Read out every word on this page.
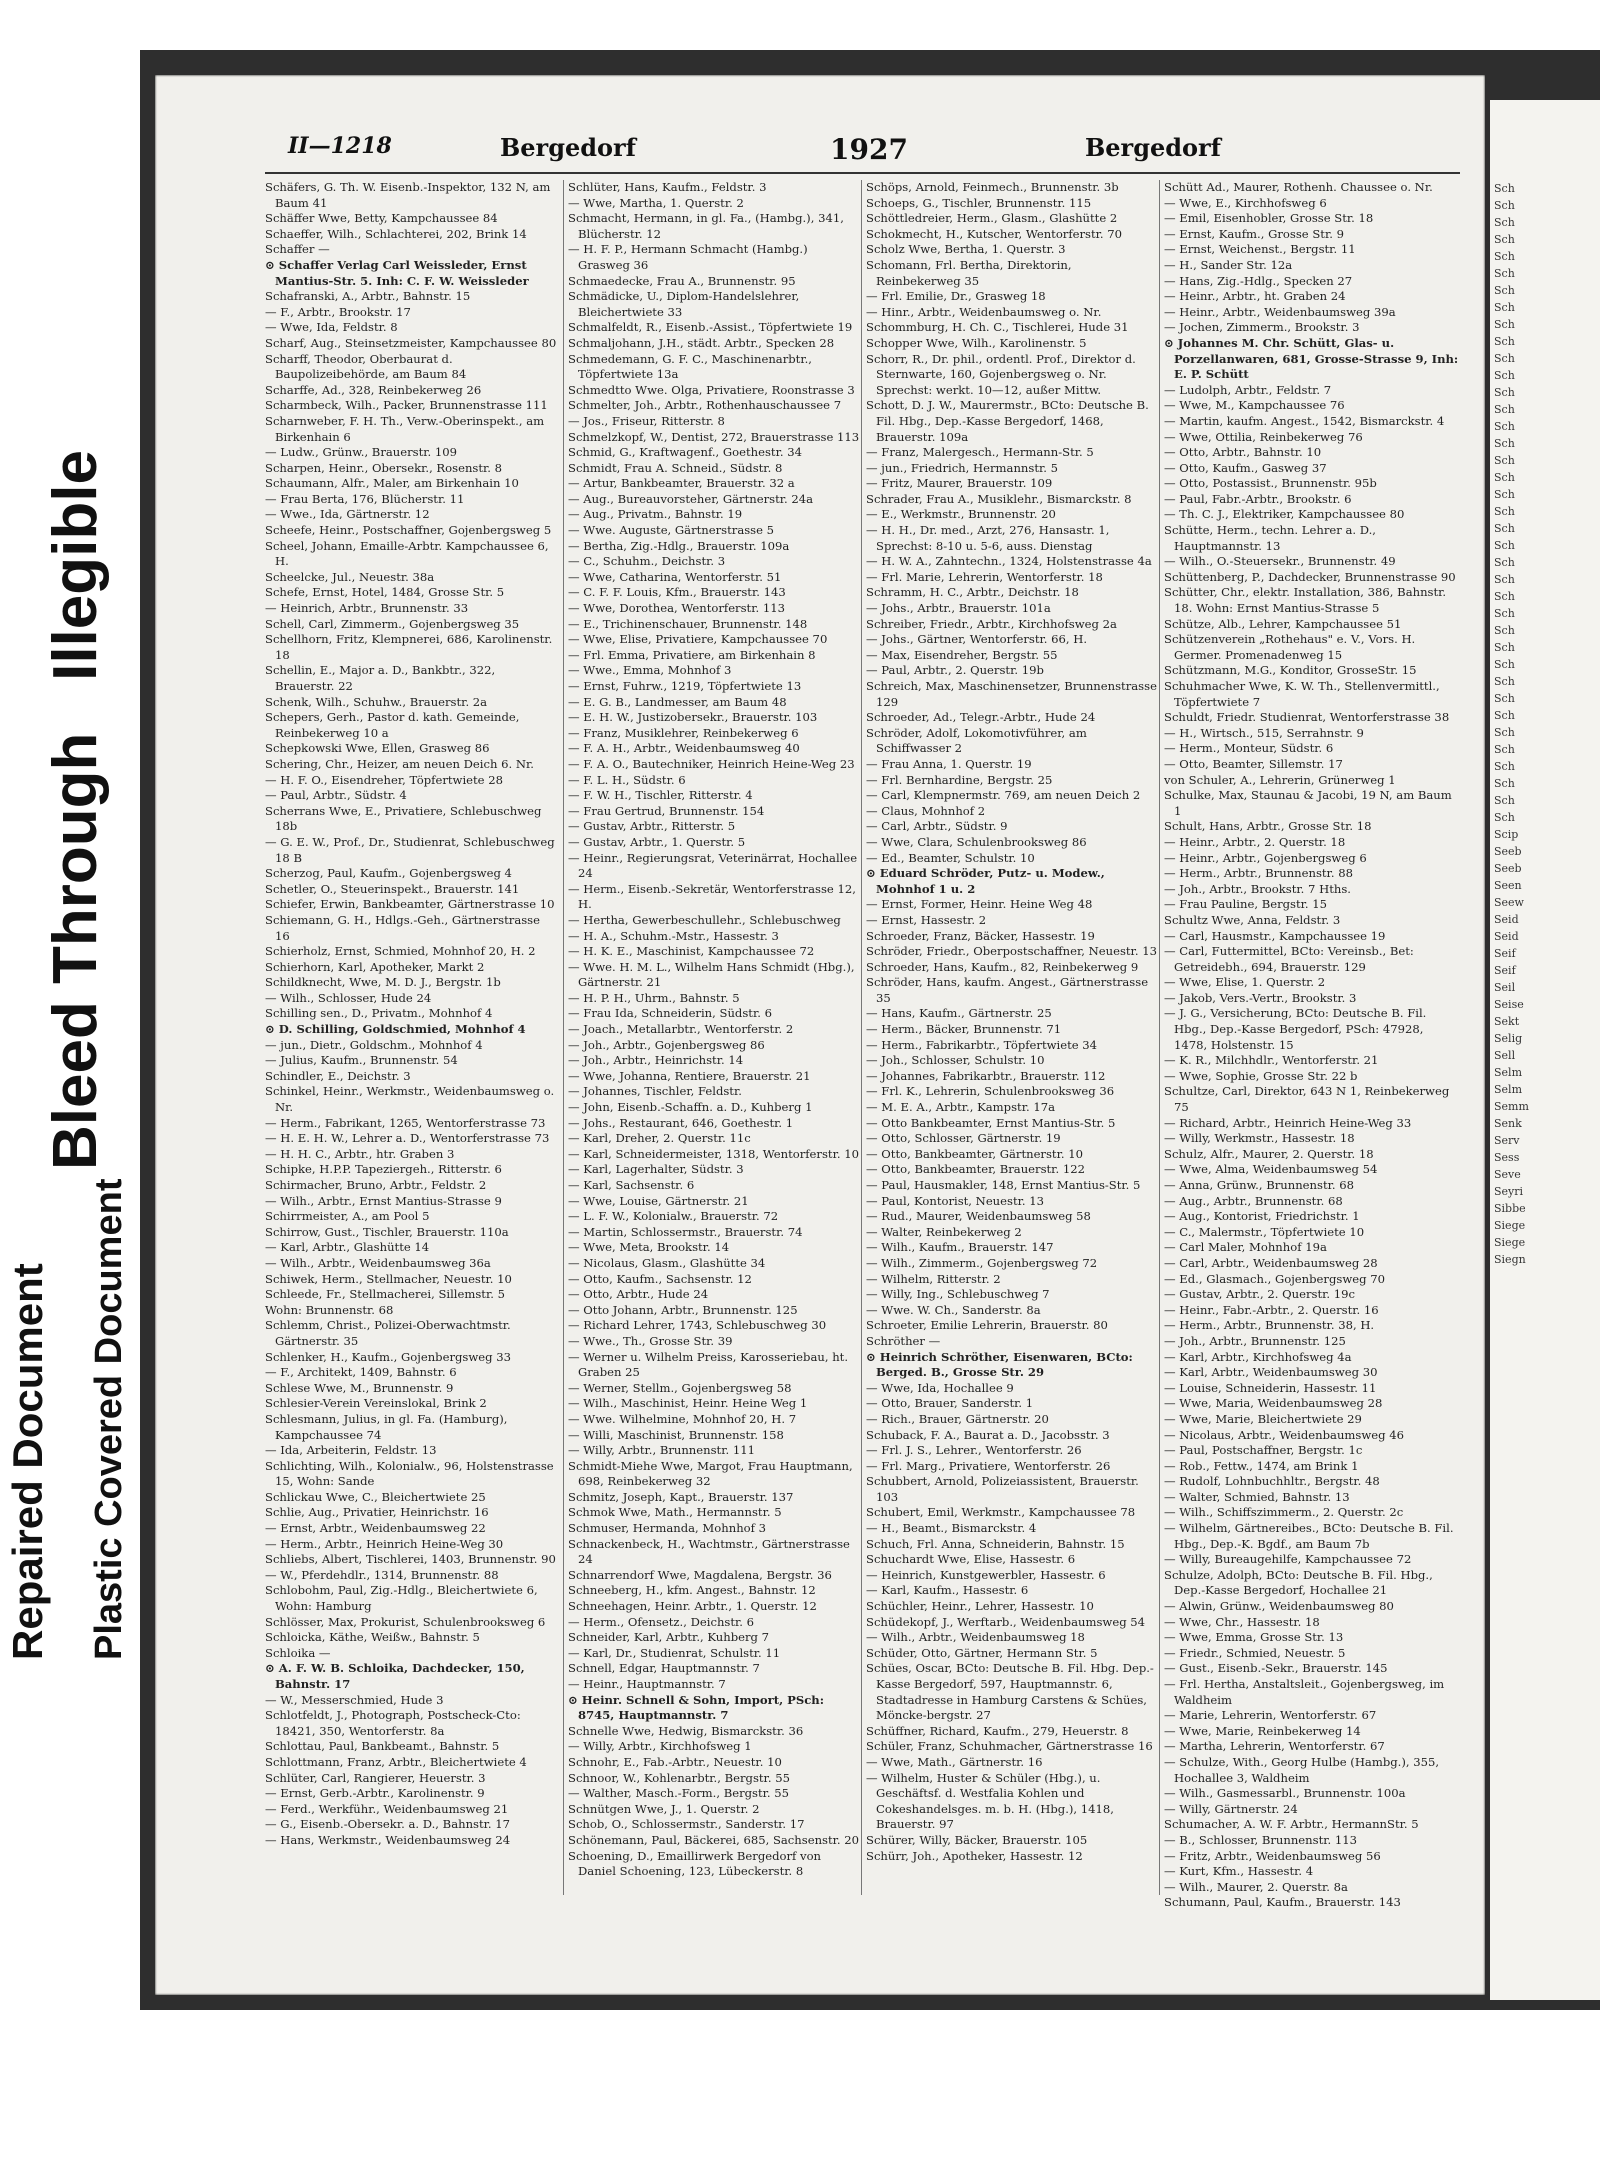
Bleed Through   Illegible
Repaired Document Plastic Covered Document
Sch
Sch
Sch
Sch
Sch
Sch
Sch
Sch
Sch
Sch
Sch
Sch
Sch
Sch
Sch
Sch
Sch
Sch
Sch
Sch
Sch
Sch
Sch
Sch
Sch
Sch
Sch
Sch
Sch
Sch
Sch
Sch
Sch
Sch
Sch
Sch
Sch
Sch
Scip
Seeb
Seeb
Seen
Seew
Seid
Seid
Seif
Seif
Seil
Seise
Sekt
Selig
Sell
Selm
Selm
Semm
Senk
Serv
Sess
Seve
Seyri
Sibbe
Siege
Siege
Siegn
II—1218	Bergedorf	1927	Bergedorf

Schäfers, G. Th. W. Eisenb.-Inspektor, 132 N, am Baum 41

Schäffer Wwe, Betty, Kampchaussee 84

Schaeffer, Wilh., Schlachterei, 202, Brink 14

Schaffer —

⊙ Schaffer Verlag Carl Weissleder, Ernst Mantius-Str. 5. Inh: C. F. W. Weissleder

Schafranski, A., Arbtr., Bahnstr. 15

— F., Arbtr., Brookstr. 17

— Wwe, Ida, Feldstr. 8

Scharf, Aug., Steinsetzmeister, Kampchaussee 80

Scharff, Theodor, Oberbaurat d. Baupolizeibehörde, am Baum 84

Scharffe, Ad., 328, Reinbekerweg 26

Scharmbeck, Wilh., Packer, Brunnenstrasse 111

Scharnweber, F. H. Th., Verw.-Oberinspekt., am Birkenhain 6

— Ludw., Grünw., Brauerstr. 109

Scharpen, Heinr., Obersekr., Rosenstr. 8

Schaumann, Alfr., Maler, am Birkenhain 10

— Frau Berta, 176, Blücherstr. 11

— Wwe., Ida, Gärtnerstr. 12

Scheefe, Heinr., Postschaffner, Gojenbergsweg 5

Scheel, Johann, Emaille-Arbtr. Kampchaussee 6, H.

Scheelcke, Jul., Neuestr. 38a

Schefe, Ernst, Hotel, 1484, Grosse Str. 5

— Heinrich, Arbtr., Brunnenstr. 33

Schell, Carl, Zimmerm., Gojenbergsweg 35

Schellhorn, Fritz, Klempnerei, 686, Karolinenstr. 18

Schellin, E., Major a. D., Bankbtr., 322, Brauerstr. 22

Schenk, Wilh., Schuhw., Brauerstr. 2a

Schepers, Gerh., Pastor d. kath. Gemeinde, Reinbekerweg 10 a

Schepkowski Wwe, Ellen, Grasweg 86

Schering, Chr., Heizer, am neuen Deich 6. Nr.

— H. F. O., Eisendreher, Töpfertwiete 28

— Paul, Arbtr., Südstr. 4

Scherrans Wwe, E., Privatiere, Schlebuschweg 18b

— G. E. W., Prof., Dr., Studienrat, Schlebuschweg 18 B

Scherzog, Paul, Kaufm., Gojenbergsweg 4

Schetler, O., Steuerinspekt., Brauerstr. 141

Schiefer, Erwin, Bankbeamter, Gärtnerstrasse 10

Schiemann, G. H., Hdlgs.-Geh., Gärtnerstrasse 16

Schierholz, Ernst, Schmied, Mohnhof 20, H. 2

Schierhorn, Karl, Apotheker, Markt 2

Schildknecht, Wwe, M. D. J., Bergstr. 1b

— Wilh., Schlosser, Hude 24

Schilling sen., D., Privatm., Mohnhof 4

⊙ D. Schilling, Goldschmied, Mohnhof 4

— jun., Dietr., Goldschm., Mohnhof 4

— Julius, Kaufm., Brunnenstr. 54

Schindler, E., Deichstr. 3

Schinkel, Heinr., Werkmstr., Weidenbaumsweg o. Nr.

— Herm., Fabrikant, 1265, Wentorferstrasse 73

— H. E. H. W., Lehrer a. D., Wentorferstrasse 73

— H. H. C., Arbtr., htr. Graben 3

Schipke, H.P.P. Tapeziergeh., Ritterstr. 6

Schirmacher, Bruno, Arbtr., Feldstr. 2

— Wilh., Arbtr., Ernst Mantius-Strasse 9

Schirrmeister, A., am Pool 5

Schirrow, Gust., Tischler, Brauerstr. 110a

— Karl, Arbtr., Glashütte 14

— Wilh., Arbtr., Weidenbaumsweg 36a

Schiwek, Herm., Stellmacher, Neuestr. 10

Schleede, Fr., Stellmacherei, Sillemstr. 5

Wohn: Brunnenstr. 68

Schlemm, Christ., Polizei-Oberwachtmstr. Gärtnerstr. 35

Schlenker, H., Kaufm., Gojenbergsweg 33

— F., Architekt, 1409, Bahnstr. 6

Schlese Wwe, M., Brunnenstr. 9

Schlesier-Verein Vereinslokal, Brink 2

Schlesmann, Julius, in gl. Fa. (Hamburg), Kampchaussee 74

— Ida, Arbeiterin, Feldstr. 13

Schlichting, Wilh., Kolonialw., 96, Holstenstrasse 15, Wohn: Sande

Schlickau Wwe, C., Bleichertwiete 25

Schlie, Aug., Privatier, Heinrichstr. 16

— Ernst, Arbtr., Weidenbaumsweg 22

— Herm., Arbtr., Heinrich Heine-Weg 30

Schliebs, Albert, Tischlerei, 1403, Brunnenstr. 90

— W., Pferdehdlr., 1314, Brunnenstr. 88

Schlobohm, Paul, Zig.-Hdlg., Bleichertwiete 6, Wohn: Hamburg

Schlösser, Max, Prokurist, Schulenbrooksweg 6

Schloicka, Käthe, Weißw., Bahnstr. 5

Schloika —

⊙ A. F. W. B. Schloika, Dachdecker, 150, Bahnstr. 17

— W., Messerschmied, Hude 3

Schlotfeldt, J., Photograph, Postscheck-Cto: 18421, 350, Wentorferstr. 8a

Schlottau, Paul, Bankbeamt., Bahnstr. 5

Schlottmann, Franz, Arbtr., Bleichertwiete 4

Schlüter, Carl, Rangierer, Heuerstr. 3

— Ernst, Gerb.-Arbtr., Karolinenstr. 9

— Ferd., Werkführ., Weidenbaumsweg 21

— G., Eisenb.-Obersekr. a. D., Bahnstr. 17

— Hans, Werkmstr., Weidenbaumsweg 24

Schlüter, Hans, Kaufm., Feldstr. 3

— Wwe, Martha, 1. Querstr. 2

Schmacht, Hermann, in gl. Fa., (Hambg.), 341, Blücherstr. 12

— H. F. P., Hermann Schmacht (Hambg.) Grasweg 36

Schmaedecke, Frau A., Brunnenstr. 95

Schmädicke, U., Diplom-Handelslehrer, Bleichertwiete 33

Schmalfeldt, R., Eisenb.-Assist., Töpfertwiete 19

Schmaljohann, J.H., städt. Arbtr., Specken 28

Schmedemann, G. F. C., Maschinenarbtr., Töpfertwiete 13a

Schmedtto Wwe. Olga, Privatiere, Roonstrasse 3

Schmelter, Joh., Arbtr., Rothenhauschaussee 7

— Jos., Friseur, Ritterstr. 8

Schmelzkopf, W., Dentist, 272, Brauerstrasse 113

Schmid, G., Kraftwagenf., Goethestr. 34

Schmidt, Frau A. Schneid., Südstr. 8

— Artur, Bankbeamter, Brauerstr. 32 a

— Aug., Bureauvorsteher, Gärtnerstr. 24a

— Aug., Privatm., Bahnstr. 19

— Wwe. Auguste, Gärtnerstrasse 5

— Bertha, Zig.-Hdlg., Brauerstr. 109a

— C., Schuhm., Deichstr. 3

— Wwe, Catharina, Wentorferstr. 51

— C. F. F. Louis, Kfm., Brauerstr. 143

— Wwe, Dorothea, Wentorferstr. 113

— E., Trichinenschauer, Brunnenstr. 148

— Wwe, Elise, Privatiere, Kampchaussee 70

— Frl. Emma, Privatiere, am Birkenhain 8

— Wwe., Emma, Mohnhof 3

— Ernst, Fuhrw., 1219, Töpfertwiete 13

— E. G. B., Landmesser, am Baum 48

— E. H. W., Justizobersekr., Brauerstr. 103

— Franz, Musiklehrer, Reinbekerweg 6

— F. A. H., Arbtr., Weidenbaumsweg 40

— F. A. O., Bautechniker, Heinrich Heine-Weg 23

— F. L. H., Südstr. 6

— F. W. H., Tischler, Ritterstr. 4

— Frau Gertrud, Brunnenstr. 154

— Gustav, Arbtr., Ritterstr. 5

— Gustav, Arbtr., 1. Querstr. 5

— Heinr., Regierungsrat, Veterinärrat, Hochallee 24

— Herm., Eisenb.-Sekretär, Wentorferstrasse 12, H.

— Hertha, Gewerbeschullehr., Schlebuschweg

— H. A., Schuhm.-Mstr., Hassestr. 3

— H. K. E., Maschinist, Kampchaussee 72

— Wwe. H. M. L., Wilhelm Hans Schmidt (Hbg.), Gärtnerstr. 21

— H. P. H., Uhrm., Bahnstr. 5

— Frau Ida, Schneiderin, Südstr. 6

— Joach., Metallarbtr., Wentorferstr. 2

— Joh., Arbtr., Gojenbergsweg 86

— Joh., Arbtr., Heinrichstr. 14

— Wwe, Johanna, Rentiere, Brauerstr. 21

— Johannes, Tischler, Feldstr.

— John, Eisenb.-Schaffn. a. D., Kuhberg 1

— Johs., Restaurant, 646, Goethestr. 1

— Karl, Dreher, 2. Querstr. 11c

— Karl, Schneidermeister, 1318, Wentorferstr. 10

— Karl, Lagerhalter, Südstr. 3

— Karl, Sachsenstr. 6

— Wwe, Louise, Gärtnerstr. 21

— L. F. W., Kolonialw., Brauerstr. 72

— Martin, Schlossermstr., Brauerstr. 74

— Wwe, Meta, Brookstr. 14

— Nicolaus, Glasm., Glashütte 34

— Otto, Kaufm., Sachsenstr. 12

— Otto, Arbtr., Hude 24

— Otto Johann, Arbtr., Brunnenstr. 125

— Richard Lehrer, 1743, Schlebuschweg 30

— Wwe., Th., Grosse Str. 39

— Werner u. Wilhelm Preiss, Karosseriebau, ht. Graben 25

— Werner, Stellm., Gojenbergsweg 58

— Wilh., Maschinist, Heinr. Heine Weg 1

— Wwe. Wilhelmine, Mohnhof 20, H. 7

— Willi, Maschinist, Brunnenstr. 158

— Willy, Arbtr., Brunnenstr. 111

Schmidt-Miehe Wwe, Margot, Frau Hauptmann, 698, Reinbekerweg 32

Schmitz, Joseph, Kapt., Brauerstr. 137

Schmok Wwe, Math., Hermannstr. 5

Schmuser, Hermanda, Mohnhof 3

Schnackenbeck, H., Wachtmstr., Gärtnerstrasse 24

Schnarrendorf Wwe, Magdalena, Bergstr. 36

Schneeberg, H., kfm. Angest., Bahnstr. 12

Schneehagen, Heinr. Arbtr., 1. Querstr. 12

— Herm., Ofensetz., Deichstr. 6

Schneider, Karl, Arbtr., Kuhberg 7

— Karl, Dr., Studienrat, Schulstr. 11

Schnell, Edgar, Hauptmannstr. 7

— Heinr., Hauptmannstr. 7

⊙ Heinr. Schnell & Sohn, Import, PSch: 8745, Hauptmannstr. 7

Schnelle Wwe, Hedwig, Bismarckstr. 36

— Willy, Arbtr., Kirchhofsweg 1

Schnohr, E., Fab.-Arbtr., Neuestr. 10

Schnoor, W., Kohlenarbtr., Bergstr. 55

— Walther, Masch.-Form., Bergstr. 55

Schnütgen Wwe, J., 1. Querstr. 2

Schob, O., Schlossermstr., Sanderstr. 17

Schönemann, Paul, Bäckerei, 685, Sachsenstr. 20

Schoening, D., Emaillirwerk Bergedorf von Daniel Schoening, 123, Lübeckerstr. 8

Schöps, Arnold, Feinmech., Brunnenstr. 3b

Schoeps, G., Tischler, Brunnenstr. 115

Schöttledreier, Herm., Glasm., Glashütte 2

Schokmecht, H., Kutscher, Wentorferstr. 70

Scholz Wwe, Bertha, 1. Querstr. 3

Schomann, Frl. Bertha, Direktorin, Reinbekerweg 35

— Frl. Emilie, Dr., Grasweg 18

— Hinr., Arbtr., Weidenbaumsweg o. Nr.

Schommburg, H. Ch. C., Tischlerei, Hude 31

Schopper Wwe, Wilh., Karolinenstr. 5

Schorr, R., Dr. phil., ordentl. Prof., Direktor d. Sternwarte, 160, Gojenbergsweg o. Nr. Sprechst: werkt. 10—12, außer Mittw.

Schott, D. J. W., Maurermstr., BCto: Deutsche B. Fil. Hbg., Dep.-Kasse Bergedorf, 1468, Brauerstr. 109a

— Franz, Malergesch., Hermann-Str. 5

— jun., Friedrich, Hermannstr. 5

— Fritz, Maurer, Brauerstr. 109

Schrader, Frau A., Musiklehr., Bismarckstr. 8

— E., Werkmstr., Brunnenstr. 20

— H. H., Dr. med., Arzt, 276, Hansastr. 1, Sprechst: 8-10 u. 5-6, auss. Dienstag

— H. W. A., Zahntechn., 1324, Holstenstrasse 4a

— Frl. Marie, Lehrerin, Wentorferstr. 18

Schramm, H. C., Arbtr., Deichstr. 18

— Johs., Arbtr., Brauerstr. 101a

Schreiber, Friedr., Arbtr., Kirchhofsweg 2a

— Johs., Gärtner, Wentorferstr. 66, H.

— Max, Eisendreher, Bergstr. 55

— Paul, Arbtr., 2. Querstr. 19b

Schreich, Max, Maschinensetzer, Brunnenstrasse 129

Schroeder, Ad., Telegr.-Arbtr., Hude 24

Schröder, Adolf, Lokomotivführer, am Schiffwasser 2

— Frau Anna, 1. Querstr. 19

— Frl. Bernhardine, Bergstr. 25

— Carl, Klempnermstr. 769, am neuen Deich 2

— Claus, Mohnhof 2

— Carl, Arbtr., Südstr. 9

— Wwe, Clara, Schulenbrooksweg 86

— Ed., Beamter, Schulstr. 10

⊙ Eduard Schröder, Putz- u. Modew., Mohnhof 1 u. 2

— Ernst, Former, Heinr. Heine Weg 48

— Ernst, Hassestr. 2

Schroeder, Franz, Bäcker, Hassestr. 19

Schröder, Friedr., Oberpostschaffner, Neuestr. 13

Schroeder, Hans, Kaufm., 82, Reinbekerweg 9

Schröder, Hans, kaufm. Angest., Gärtnerstrasse 35

— Hans, Kaufm., Gärtnerstr. 25

— Herm., Bäcker, Brunnenstr. 71

— Herm., Fabrikarbtr., Töpfertwiete 34

— Joh., Schlosser, Schulstr. 10

— Johannes, Fabrikarbtr., Brauerstr. 112

— Frl. K., Lehrerin, Schulenbrooksweg 36

— M. E. A., Arbtr., Kampstr. 17a

— Otto Bankbeamter, Ernst Mantius-Str. 5

— Otto, Schlosser, Gärtnerstr. 19

— Otto, Bankbeamter, Gärtnerstr. 10

— Otto, Bankbeamter, Brauerstr. 122

— Paul, Hausmakler, 148, Ernst Mantius-Str. 5

— Paul, Kontorist, Neuestr. 13

— Rud., Maurer, Weidenbaumsweg 58

— Walter, Reinbekerweg 2

— Wilh., Kaufm., Brauerstr. 147

— Wilh., Zimmerm., Gojenbergsweg 72

— Wilhelm, Ritterstr. 2

— Willy, Ing., Schlebuschweg 7

— Wwe. W. Ch., Sanderstr. 8a

Schroeter, Emilie Lehrerin, Brauerstr. 80

Schröther —

⊙ Heinrich Schröther, Eisenwaren, BCto: Berged. B., Grosse Str. 29

— Wwe, Ida, Hochallee 9

— Otto, Brauer, Sanderstr. 1

— Rich., Brauer, Gärtnerstr. 20

Schuback, F. A., Baurat a. D., Jacobsstr. 3

— Frl. J. S., Lehrer., Wentorferstr. 26

— Frl. Marg., Privatiere, Wentorferstr. 26

Schubbert, Arnold, Polizeiassistent, Brauerstr. 103

Schubert, Emil, Werkmstr., Kampchaussee 78

— H., Beamt., Bismarckstr. 4

Schuch, Frl. Anna, Schneiderin, Bahnstr. 15

Schuchardt Wwe, Elise, Hassestr. 6

— Heinrich, Kunstgewerbler, Hassestr. 6

— Karl, Kaufm., Hassestr. 6

Schüchler, Heinr., Lehrer, Hassestr. 10

Schüdekopf, J., Werftarb., Weidenbaumsweg 54

— Wilh., Arbtr., Weidenbaumsweg 18

Schüder, Otto, Gärtner, Hermann Str. 5

Schües, Oscar, BCto: Deutsche B. Fil. Hbg. Dep.-Kasse Bergedorf, 597, Hauptmannstr. 6, Stadtadresse in Hamburg Carstens & Schües, Möncke-bergstr. 27

Schüffner, Richard, Kaufm., 279, Heuerstr. 8

Schüler, Franz, Schuhmacher, Gärtnerstrasse 16

— Wwe, Math., Gärtnerstr. 16

— Wilhelm, Huster & Schüler (Hbg.), u. Geschäftsf. d. Westfalia Kohlen und Cokeshandelsges. m. b. H. (Hbg.), 1418, Brauerstr. 97

Schürer, Willy, Bäcker, Brauerstr. 105

Schürr, Joh., Apotheker, Hassestr. 12

Schütt Ad., Maurer, Rothenh. Chaussee o. Nr.

— Wwe, E., Kirchhofsweg 6

— Emil, Eisenhobler, Grosse Str. 18

— Ernst, Kaufm., Grosse Str. 9

— Ernst, Weichenst., Bergstr. 11

— H., Sander Str. 12a

— Hans, Zig.-Hdlg., Specken 27

— Heinr., Arbtr., ht. Graben 24

— Heinr., Arbtr., Weidenbaumsweg 39a

— Jochen, Zimmerm., Brookstr. 3

⊙ Johannes M. Chr. Schütt, Glas- u. Porzellanwaren, 681, Grosse-Strasse 9, Inh: E. P. Schütt

— Ludolph, Arbtr., Feldstr. 7

— Wwe, M., Kampchaussee 76

— Martin, kaufm. Angest., 1542, Bismarckstr. 4

— Wwe, Ottilia, Reinbekerweg 76

— Otto, Arbtr., Bahnstr. 10

— Otto, Kaufm., Gasweg 37

— Otto, Postassist., Brunnenstr. 95b

— Paul, Fabr.-Arbtr., Brookstr. 6

— Th. C. J., Elektriker, Kampchaussee 80

Schütte, Herm., techn. Lehrer a. D., Hauptmannstr. 13

— Wilh., O.-Steuersekr., Brunnenstr. 49

Schüttenberg, P., Dachdecker, Brunnenstrasse 90

Schütter, Chr., elektr. Installation, 386, Bahnstr. 18. Wohn: Ernst Mantius-Strasse 5

Schütze, Alb., Lehrer, Kampchaussee 51

Schützenverein „Rothehaus" e. V., Vors. H. Germer. Promenadenweg 15

Schützmann, M.G., Konditor, GrosseStr. 15

Schuhmacher Wwe, K. W. Th., Stellenvermittl., Töpfertwiete 7

Schuldt, Friedr. Studienrat, Wentorferstrasse 38

— H., Wirtsch., 515, Serrahnstr. 9

— Herm., Monteur, Südstr. 6

— Otto, Beamter, Sillemstr. 17

von Schuler, A., Lehrerin, Grünerweg 1

Schulke, Max, Staunau & Jacobi, 19 N, am Baum 1

Schult, Hans, Arbtr., Grosse Str. 18

— Heinr., Arbtr., 2. Querstr. 18

— Heinr., Arbtr., Gojenbergsweg 6

— Herm., Arbtr., Brunnenstr. 88

— Joh., Arbtr., Brookstr. 7 Hths.

— Frau Pauline, Bergstr. 15

Schultz Wwe, Anna, Feldstr. 3

— Carl, Hausmstr., Kampchaussee 19

— Carl, Futtermittel, BCto: Vereinsb., Bet: Getreidebh., 694, Brauerstr. 129

— Wwe, Elise, 1. Querstr. 2

— Jakob, Vers.-Vertr., Brookstr. 3

— J. G., Versicherung, BCto: Deutsche B. Fil. Hbg., Dep.-Kasse Bergedorf, PSch: 47928, 1478, Holstenstr. 15

— K. R., Milchhdlr., Wentorferstr. 21

— Wwe, Sophie, Grosse Str. 22 b

Schultze, Carl, Direktor, 643 N 1, Reinbekerweg 75

— Richard, Arbtr., Heinrich Heine-Weg 33

— Willy, Werkmstr., Hassestr. 18

Schulz, Alfr., Maurer, 2. Querstr. 18

— Wwe, Alma, Weidenbaumsweg 54

— Anna, Grünw., Brunnenstr. 68

— Aug., Arbtr., Brunnenstr. 68

— Aug., Kontorist, Friedrichstr. 1

— C., Malermstr., Töpfertwiete 10

— Carl Maler, Mohnhof 19a

— Carl, Arbtr., Weidenbaumsweg 28

— Ed., Glasmach., Gojenbergsweg 70

— Gustav, Arbtr., 2. Querstr. 19c

— Heinr., Fabr.-Arbtr., 2. Querstr. 16

— Herm., Arbtr., Brunnenstr. 38, H.

— Joh., Arbtr., Brunnenstr. 125

— Karl, Arbtr., Kirchhofsweg 4a

— Karl, Arbtr., Weidenbaumsweg 30

— Louise, Schneiderin, Hassestr. 11

— Wwe, Maria, Weidenbaumsweg 28

— Wwe, Marie, Bleichertwiete 29

— Nicolaus, Arbtr., Weidenbaumsweg 46

— Paul, Postschaffner, Bergstr. 1c

— Rob., Fettw., 1474, am Brink 1

— Rudolf, Lohnbuchhltr., Bergstr. 48

— Walter, Schmied, Bahnstr. 13

— Wilh., Schiffszimmerm., 2. Querstr. 2c

— Wilhelm, Gärtnereibes., BCto: Deutsche B. Fil. Hbg., Dep.-K. Bgdf., am Baum 7b

— Willy, Bureaugehilfe, Kampchaussee 72

Schulze, Adolph, BCto: Deutsche B. Fil. Hbg., Dep.-Kasse Bergedorf, Hochallee 21

— Alwin, Grünw., Weidenbaumsweg 80

— Wwe, Chr., Hassestr. 18

— Wwe, Emma, Grosse Str. 13

— Friedr., Schmied, Neuestr. 5

— Gust., Eisenb.-Sekr., Brauerstr. 145

— Frl. Hertha, Anstaltsleit., Gojenbergsweg, im Waldheim

— Marie, Lehrerin, Wentorferstr. 67

— Wwe, Marie, Reinbekerweg 14

— Martha, Lehrerin, Wentorferstr. 67

— Schulze, With., Georg Hulbe (Hambg.), 355, Hochallee 3, Waldheim

— Wilh., Gasmessarbl., Brunnenstr. 100a

— Willy, Gärtnerstr. 24

Schumacher, A. W. F. Arbtr., HermannStr. 5

— B., Schlosser, Brunnenstr. 113

— Fritz, Arbtr., Weidenbaumsweg 56

— Kurt, Kfm., Hassestr. 4

— Wilh., Maurer, 2. Querstr. 8a

Schumann, Paul, Kaufm., Brauerstr. 143
